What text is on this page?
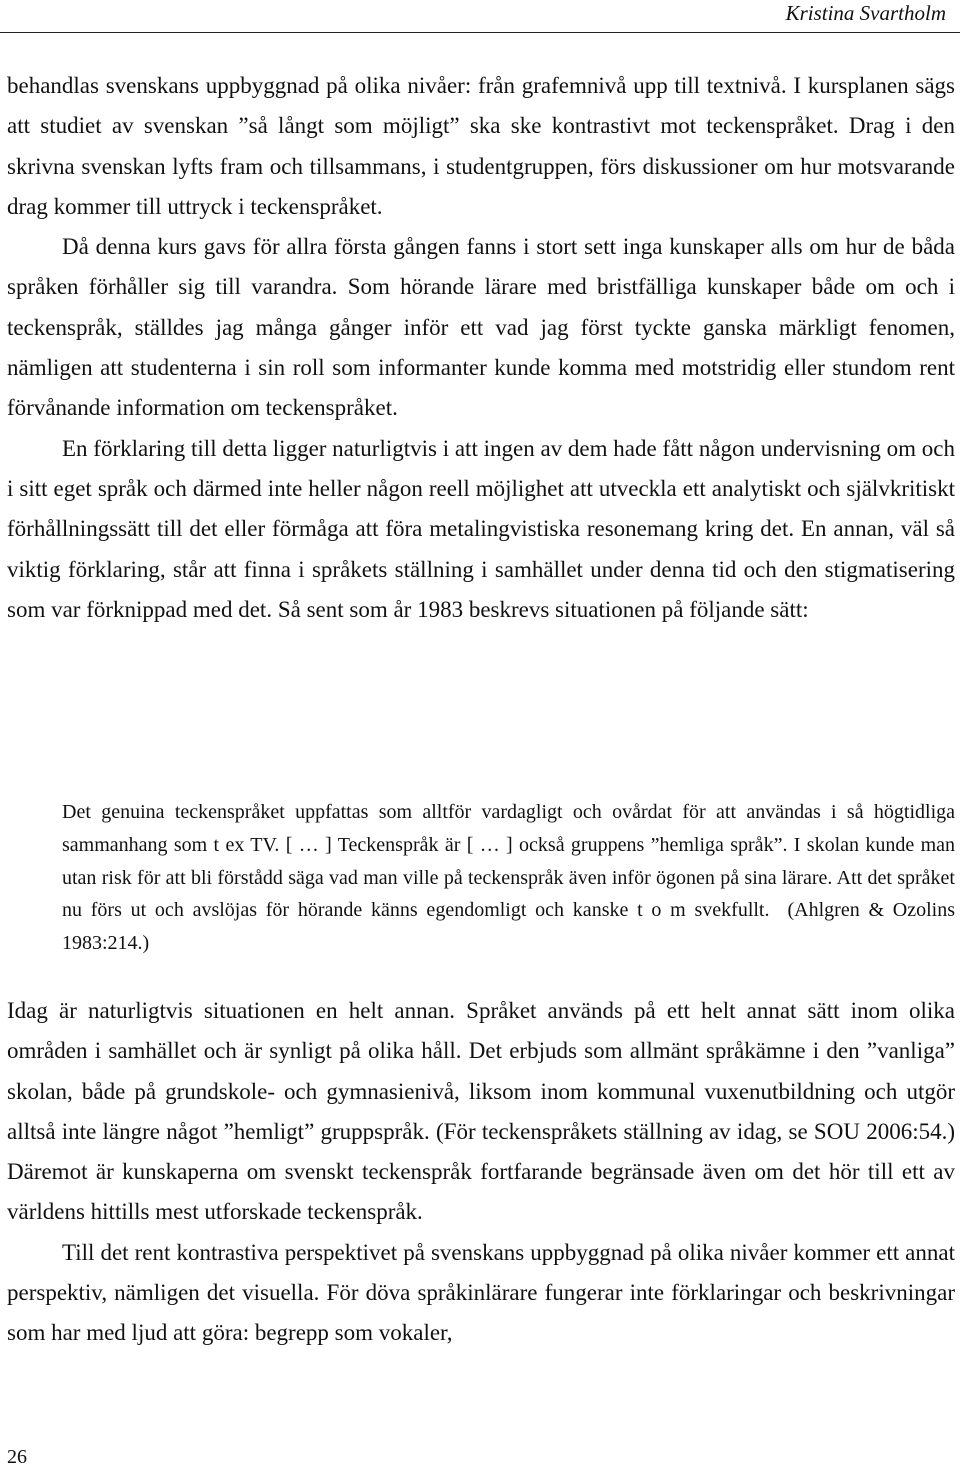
Kristina Svartholm

behandlas svenskans uppbyggnad på olika nivåer: från grafemnivå upp till textnivå. I kursplanen sägs att studiet av svenskan ”så långt som möjligt” ska ske kontrastivt mot teckenspråket. Drag i den skrivna svenskan lyfts fram och tillsammans, i studentgruppen, förs diskussioner om hur motsvarande drag kommer till uttryck i teckenspråket.

Då denna kurs gavs för allra första gången fanns i stort sett inga kunskaper alls om hur de båda språken förhåller sig till varandra. Som hörande lärare med bristfälliga kunskaper både om och i teckenspråk, ställdes jag många gånger inför ett vad jag först tyckte ganska märkligt fenomen, nämligen att studenterna i sin roll som informanter kunde komma med motstridig eller stundom rent förvånande information om teckenspråket.

En förklaring till detta ligger naturligtvis i att ingen av dem hade fått någon undervisning om och i sitt eget språk och därmed inte heller någon reell möjlighet att utveckla ett analytiskt och självkritiskt förhållningssätt till det eller förmåga att föra metalingvistiska resonemang kring det. En annan, väl så viktig förklaring, står att finna i språkets ställning i samhället under denna tid och den stigmatisering som var förknippad med det. Så sent som år 1983 beskrevs situationen på följande sätt:

Det genuina teckenspråket uppfattas som alltför vardagligt och ovårdat för att användas i så högtidliga sammanhang som t ex TV. [ … ] Teckenspråk är [ … ] också gruppens ”hemliga språk”. I skolan kunde man utan risk för att bli förstådd säga vad man ville på teckenspråk även inför ögonen på sina lärare. Att det språket nu förs ut och avslöjas för hörande känns egendomligt och kanske t o m svekfullt. (Ahlgren & Ozolins 1983:214.)

Idag är naturligtvis situationen en helt annan. Språket används på ett helt annat sätt inom olika områden i samhället och är synligt på olika håll. Det erbjuds som allmänt språkämne i den ”vanliga” skolan, både på grundskole- och gymnasienivå, liksom inom kommunal vuxenutbildning och utgör alltså inte längre något ”hemligt” gruppspråk. (För teckenspråkets ställning av idag, se SOU 2006:54.) Däremot är kunskaperna om svenskt teckenspråk fortfarande begränsade även om det hör till ett av världens hittills mest utforskade teckenspråk.

Till det rent kontrastiva perspektivet på svenskans uppbyggnad på olika nivåer kommer ett annat perspektiv, nämligen det visuella. För döva språkinlärare fungerar inte förklaringar och beskrivningar som har med ljud att göra: begrepp som vokaler,

26
